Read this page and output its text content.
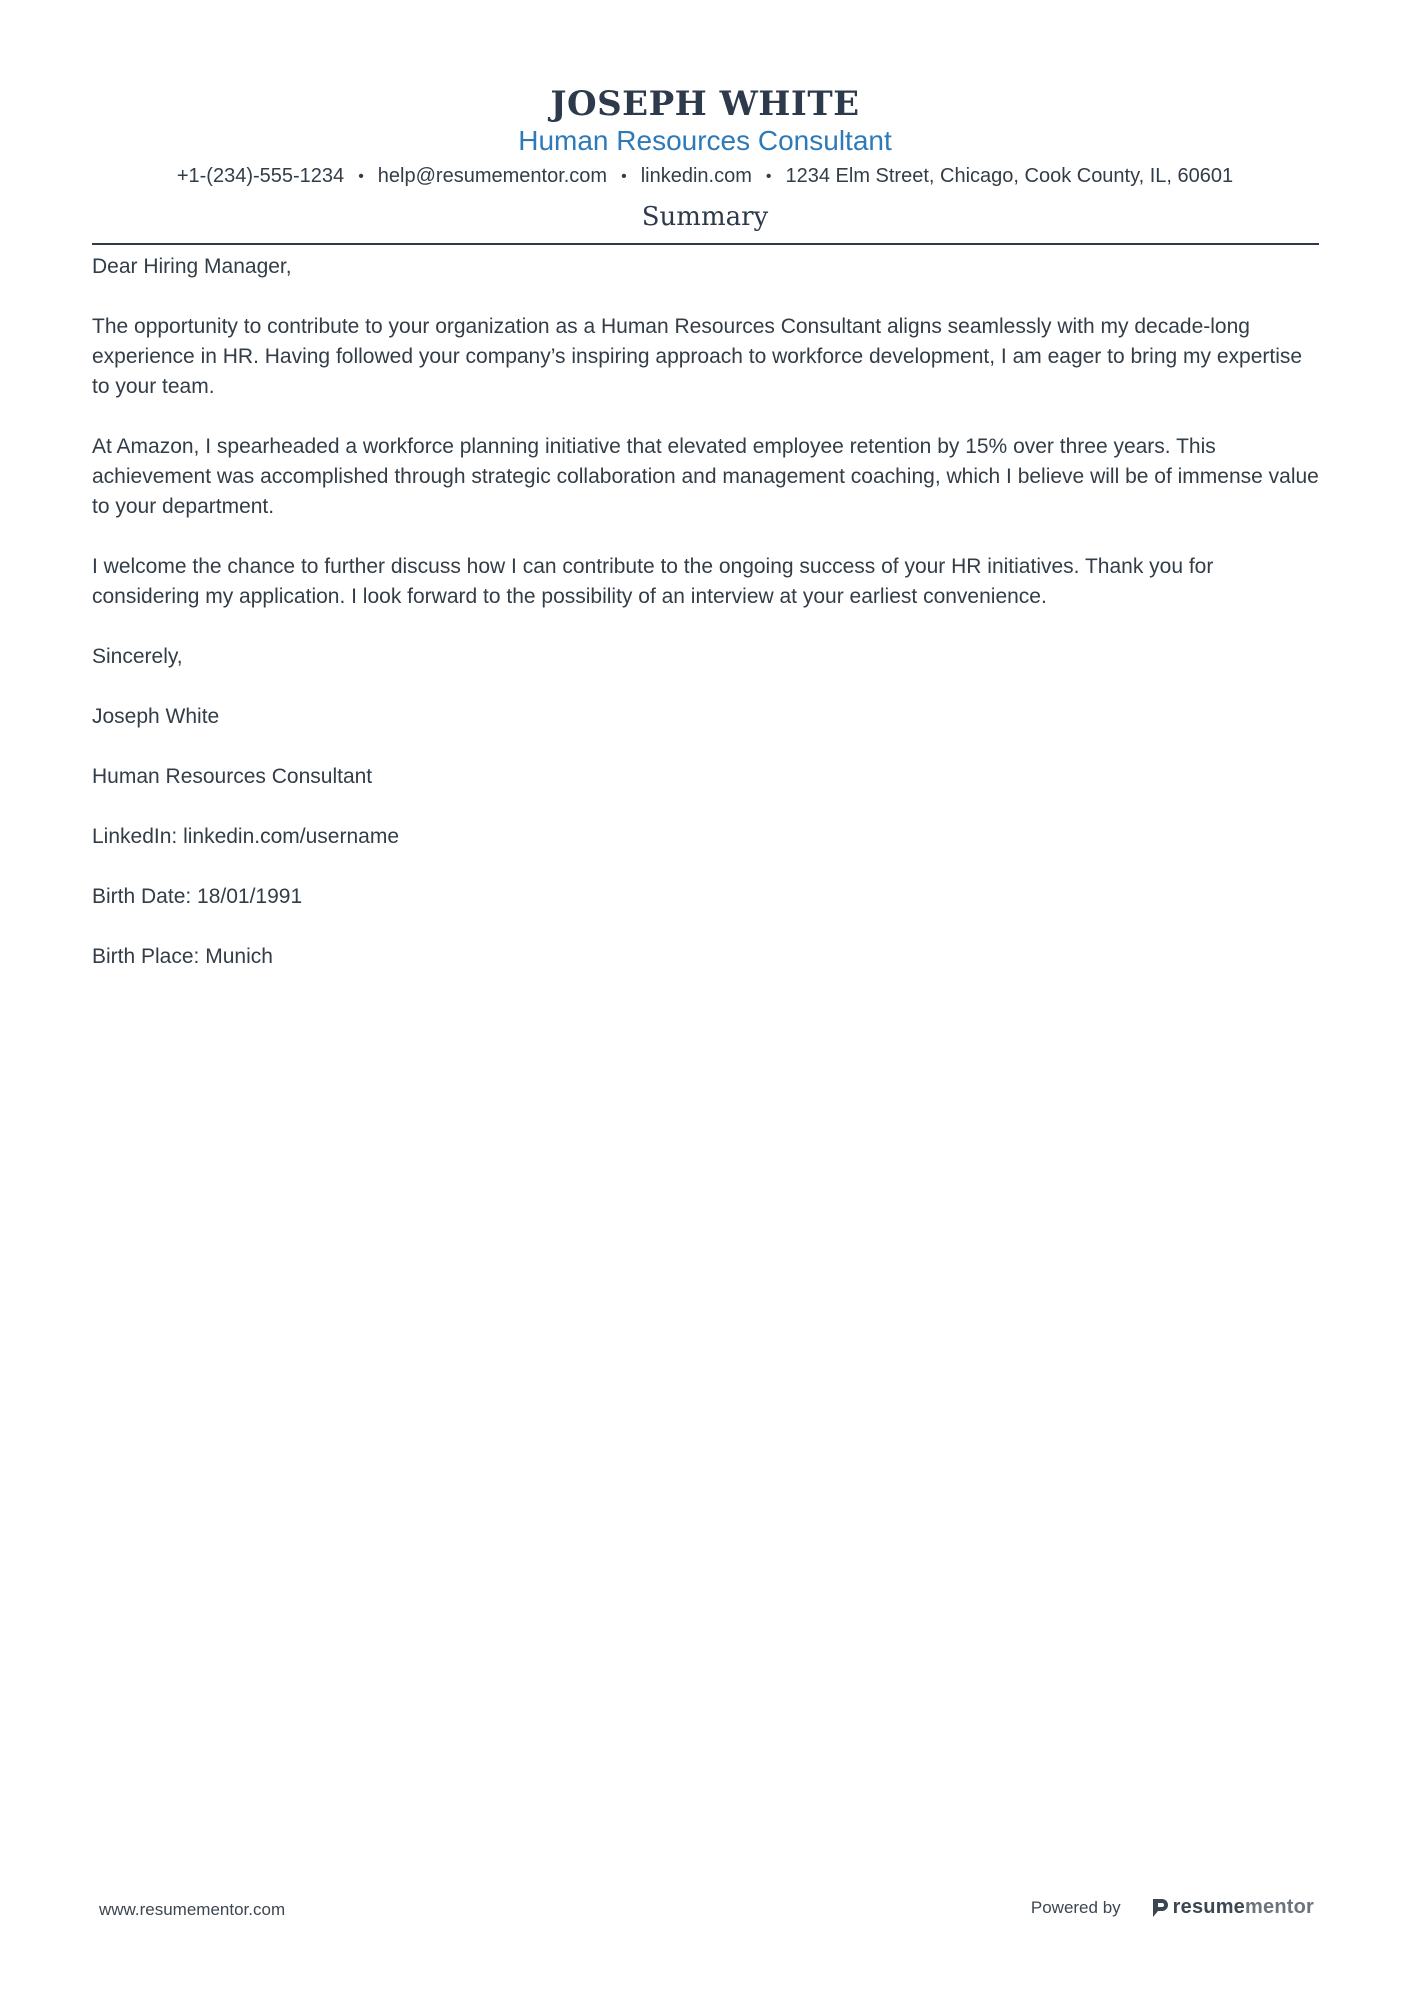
JOSEPH WHITE
Human Resources Consultant
+1-(234)-555-1234 • help@resumementor.com • linkedin.com • 1234 Elm Street, Chicago, Cook County, IL, 60601
Summary

Dear Hiring Manager,

The opportunity to contribute to your organization as a Human Resources Consultant aligns seamlessly with my decade-long experience in HR. Having followed your company’s inspiring approach to workforce development, I am eager to bring my expertise to your team.

At Amazon, I spearheaded a workforce planning initiative that elevated employee retention by 15% over three years. This achievement was accomplished through strategic collaboration and management coaching, which I believe will be of immense value to your department.

I welcome the chance to further discuss how I can contribute to the ongoing success of your HR initiatives. Thank you for considering my application. I look forward to the possibility of an interview at your earliest convenience.

Sincerely,

Joseph White

Human Resources Consultant

LinkedIn: linkedin.com/username

Birth Date: 18/01/1991

Birth Place: Munich

www.resumementor.com	Powered by	resume mentor
